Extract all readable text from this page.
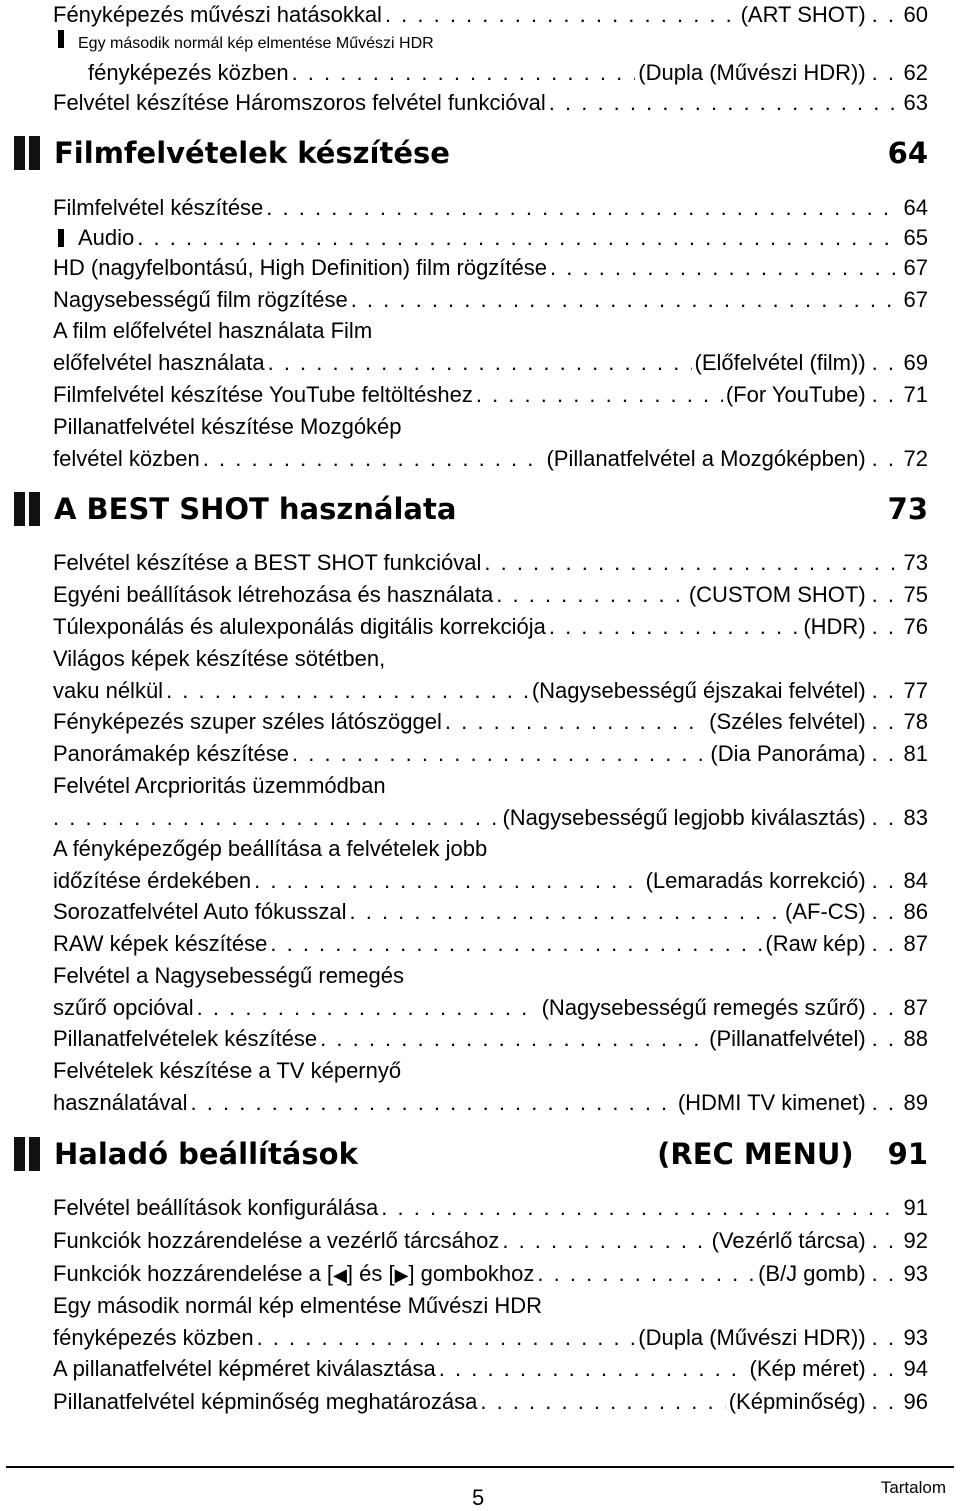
Fényképezés művészi hatásokkal . . .	(ART SHOT) . . 60
Egy második normál kép elmentése Művészi HDR
fényképezés közben . . .	(Dupla (Művészi HDR)) . . 62
Felvétel készítése Háromszoros felvétel funkcióval . . .	63
Filmfelvételek készítése	64
Filmfelvétel készítése . . .	64
Audio . . .	65
HD (nagyfelbontású, High Definition) film rögzítése . . .	67
Nagysebességű film rögzítése . . .	67
A film előfelvétel használata Film
előfelvétel használata . . .	(Előfelvétel (film)) . . 69
Filmfelvétel készítése YouTube feltöltéshez . . .	(For YouTube) . . 71
Pillanatfelvétel készítése Mozgókép
felvétel közben . . .	(Pillanatfelvétel a Mozgóképben) . . 72
A BEST SHOT használata	73
Felvétel készítése a BEST SHOT funkcióval . . .	73
Egyéni beállítások létrehozása és használata . . .	(CUSTOM SHOT) . . 75
Túlexponálás és alulexponálás digitális korrekciója . . .	(HDR) . . 76
Világos képek készítése sötétben,
vaku nélkül . . .	(Nagysebességű éjszakai felvétel) . . 77
Fényképezés szuper széles látószöggel . . .	(Széles felvétel) . . 78
Panorámakép készítése . . .	(Dia Panoráma) . . 81
Felvétel Arcprioritás üzemmódban
. . .
(Nagysebességű legjobb kiválasztás) . . 83
A fényképezőgép beállítása a felvételek jobb
időzítése érdekében . . .	(Lemaradás korrekció) . . 84
Sorozatfelvétel Auto fókusszal . . .	(AF-CS) . . 86
RAW képek készítése . . .	(Raw kép) . . 87
Felvétel a Nagysebességű remegés
szűrő opcióval . . .	(Nagysebességű remegés szűrő) . . 87
Pillanatfelvételek készítése . . .	(Pillanatfelvétel) . . 88
Felvételek készítése a TV képernyő
használatával . . .	(HDMI TV kimenet) . . 89
Haladó beállítások	(REC MENU) 91
Felvétel beállítások konfigurálása . . .	91
Funkciók hozzárendelése a vezérlő tárcsához . . .	(Vezérlő tárcsa) . . 92
Funkciók hozzárendelése a [ ◀ ] és [ ▶ ] gombokhoz . . .	(B/J gomb) . . 93
Egy második normál kép elmentése Művészi HDR
fényképezés közben . . .	(Dupla (Művészi HDR)) . . 93
A pillanatfelvétel képméret kiválasztása . . .	(Kép méret) . . 94
Pillanatfelvétel képminőség meghatározása . . .	(Képminőség) . . 96
5	Tartalom
